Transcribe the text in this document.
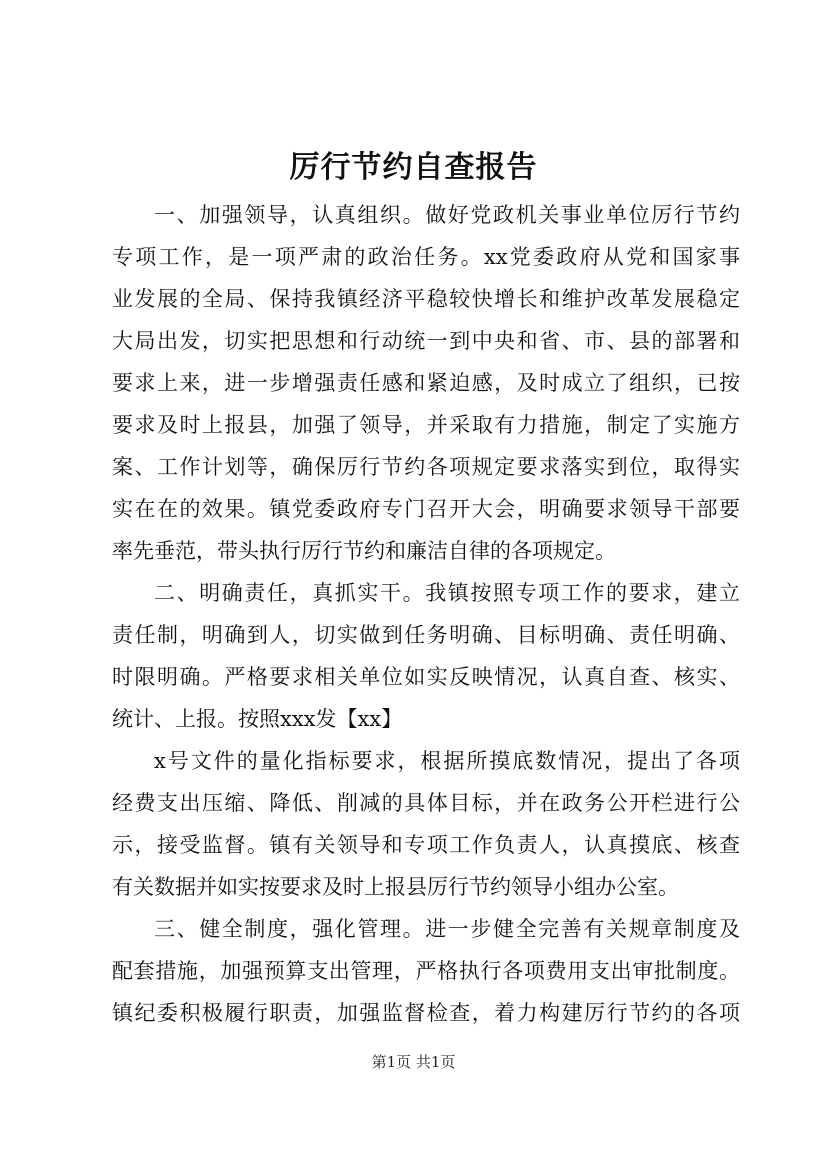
厉行节约自查报告
一、加强领导，认真组织。做好党政机关事业单位厉行节约
专项工作，是一项严肃的政治任务。xx党委政府从党和国家事
业发展的全局、保持我镇经济平稳较快增长和维护改革发展稳定
大局出发，切实把思想和行动统一到中央和省、市、县的部署和
要求上来，进一步增强责任感和紧迫感，及时成立了组织，已按
要求及时上报县，加强了领导，并采取有力措施，制定了实施方
案、工作计划等，确保厉行节约各项规定要求落实到位，取得实
实在在的效果。镇党委政府专门召开大会，明确要求领导干部要
率先垂范，带头执行厉行节约和廉洁自律的各项规定。
二、明确责任，真抓实干。我镇按照专项工作的要求，建立
责任制，明确到人，切实做到任务明确、目标明确、责任明确、
时限明确。严格要求相关单位如实反映情况，认真自查、核实、
统计、上报。按照xxx发【xx】
x号文件的量化指标要求，根据所摸底数情况，提出了各项
经费支出压缩、降低、削减的具体目标，并在政务公开栏进行公
示，接受监督。镇有关领导和专项工作负责人，认真摸底、核查
有关数据并如实按要求及时上报县厉行节约领导小组办公室。
三、健全制度，强化管理。进一步健全完善有关规章制度及
配套措施，加强预算支出管理，严格执行各项费用支出审批制度。
镇纪委积极履行职责，加强监督检查，着力构建厉行节约的各项
第1页 共1页
